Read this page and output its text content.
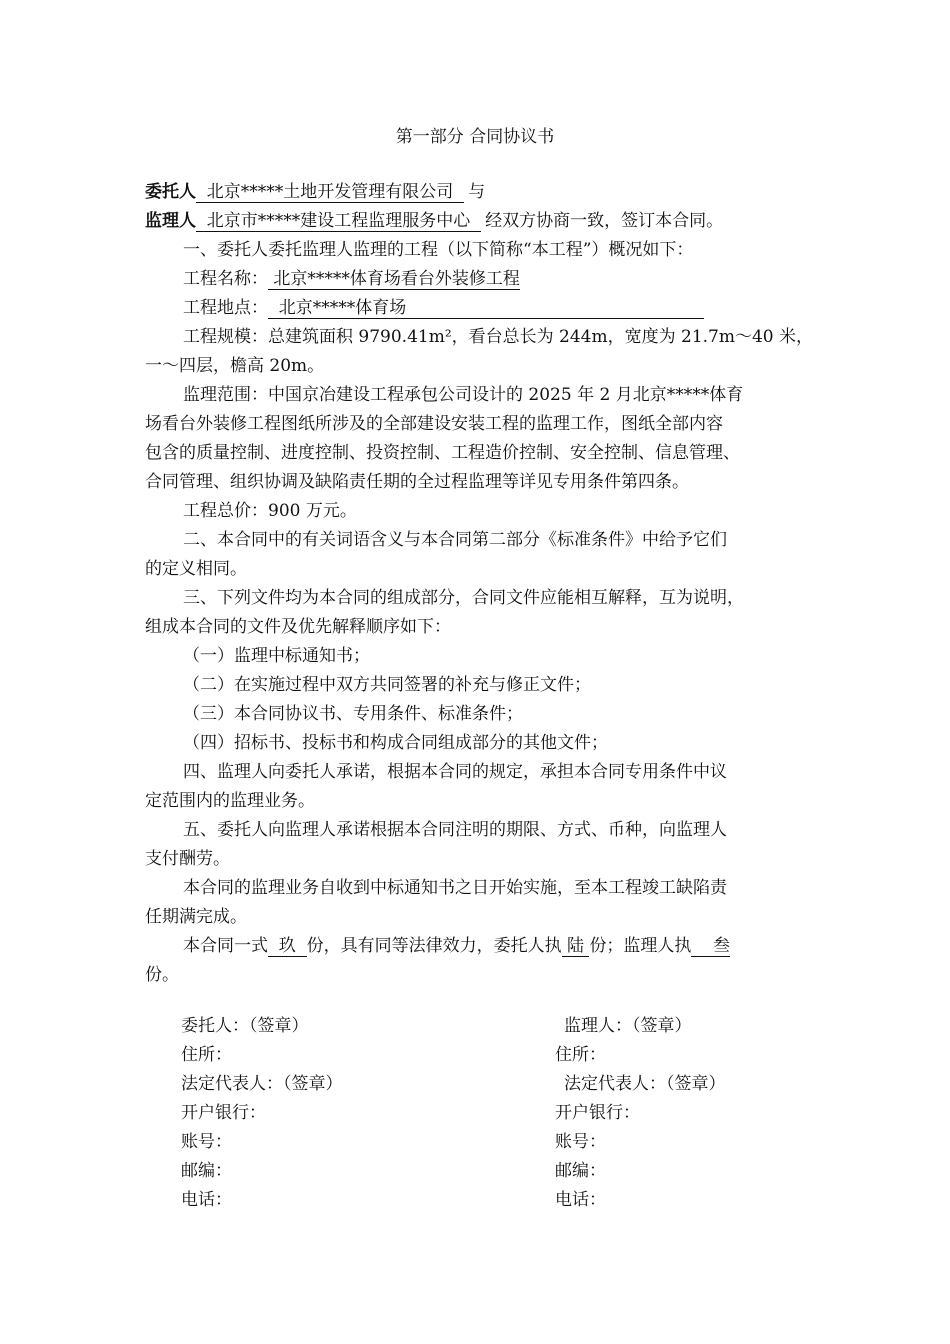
第一部分 合同协议书
委托人  北京*****土地开发管理有限公司  与
监理人  北京市*****建设工程监理服务中心  经双方协商一致，签订本合同。
一、委托人委托监理人监理的工程（以下简称“本工程”）概况如下：
工程名称： 北京*****体育场看台外装修工程
工程地点：  北京*****体育场
工程规模：总建筑面积 9790.41m²，看台总长为 244m，宽度为 21.7m～40 米，
一～四层，檐高 20m。
监理范围：中国京冶建设工程承包公司设计的 2025 年 2 月北京*****体育
场看台外装修工程图纸所涉及的全部建设安装工程的监理工作，图纸全部内容
包含的质量控制、进度控制、投资控制、工程造价控制、安全控制、信息管理、
合同管理、组织协调及缺陷责任期的全过程监理等详见专用条件第四条。
工程总价：900 万元。
二、本合同中的有关词语含义与本合同第二部分《标准条件》中给予它们
的定义相同。
三、下列文件均为本合同的组成部分，合同文件应能相互解释，互为说明，
组成本合同的文件及优先解释顺序如下：
（一）监理中标通知书；
（二）在实施过程中双方共同签署的补充与修正文件；
（三）本合同协议书、专用条件、标准条件；
（四）招标书、投标书和构成合同组成部分的其他文件；
四、监理人向委托人承诺，根据本合同的规定，承担本合同专用条件中议
定范围内的监理业务。
五、委托人向监理人承诺根据本合同注明的期限、方式、币种，向监理人
支付酬劳。
本合同的监理业务自收到中标通知书之日开始实施，至本工程竣工缺陷责
任期满完成。
本合同一式  玖  份，具有同等法律效力，委托人执 陆 份；监理人执    叁
份。
委托人：（签章）
住所：
法定代表人：（签章）
开户银行：
账号：
邮编：
电话：
监理人：（签章）
住所：
法定代表人：（签章）
开户银行：
账号：
邮编：
电话：
